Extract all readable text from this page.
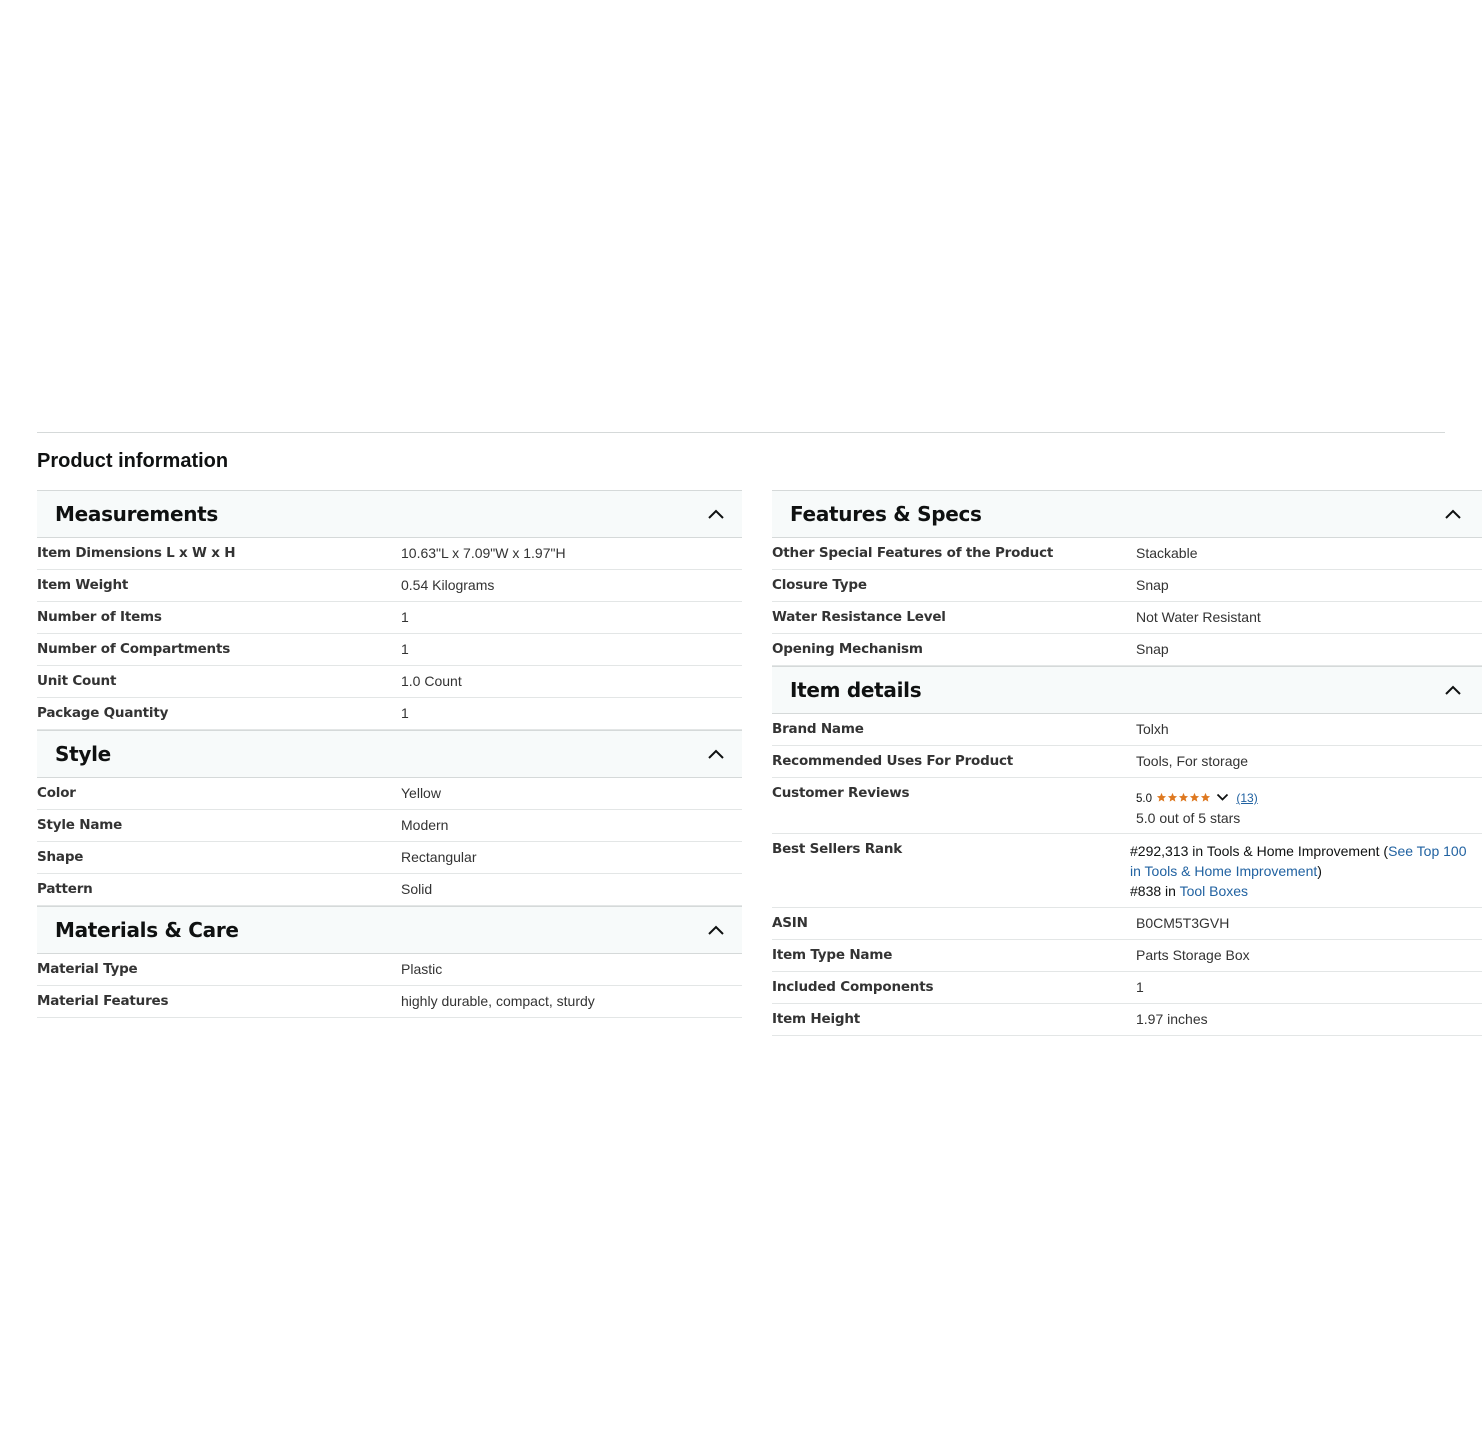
Product information
Measurements
Item Dimensions L x W x H	10.63"L x 7.09"W x 1.97"H
Item Weight	0.54 Kilograms
Number of Items	1
Number of Compartments	1
Unit Count	1.0 Count
Package Quantity	1
Style
Color	Yellow
Style Name	Modern
Shape	Rectangular
Pattern	Solid
Materials & Care
Material Type	Plastic
Material Features	highly durable, compact, sturdy
Features & Specs
Other Special Features of the Product	Stackable
Closure Type	Snap
Water Resistance Level	Not Water Resistant
Opening Mechanism	Snap
Item details
Brand Name	Tolxh
Recommended Uses For Product	Tools, For storage
Customer Reviews	5.0	(13)
5.0 out of 5 stars

Best Sellers Rank	#292,313 in Tools & Home Improvement (See Top 100
in Tools & Home Improvement)
#838 in Tool Boxes

ASIN	B0CM5T3GVH
Item Type Name	Parts Storage Box
Included Components	1
Item Height	1.97 inches
